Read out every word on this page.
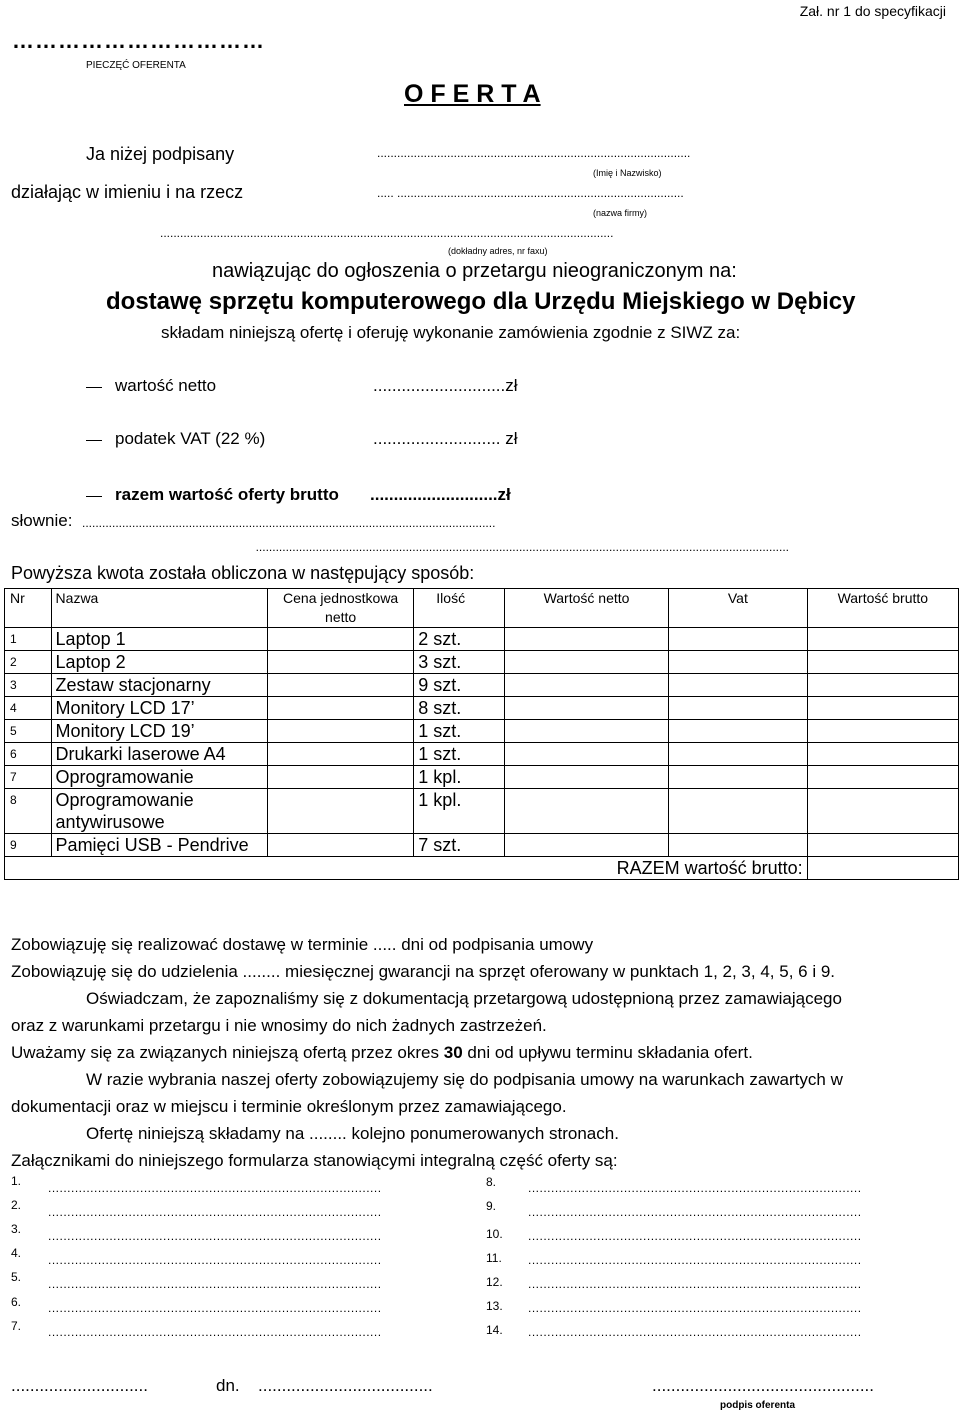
Zał. nr 1 do specyfikacji
……………………………
PIECZĘĆ OFERENTA
O F E R T A
Ja niżej podpisany	..............................................................................................
(Imię i Nazwisko)
działając w imieniu i na rzecz	..... ......................................................................................
(nazwa firmy)
........................................................................................................................................
(dokładny adres, nr faxu)
nawiązując do ogłoszenia o przetargu nieograniczonym na:
dostawę sprzętu komputerowego dla Urzędu Miejskiego w Dębicy
składam niniejszą ofertę i oferuję wykonanie zamówienia zgodnie z SIWZ za:
wartość netto	............................zł
podatek VAT (22 %)	........................... zł
razem wartość oferty brutto ...........................zł
słownie: ............................................................................................................................
................................................................................................................................................................
Powyższa kwota została obliczona w następujący sposób:
Nr	Nazwa	Cena jednostkowa netto	Ilość	Wartość netto	Vat	Wartość brutto
1	Laptop 1		2 szt.			
2	Laptop 2		3 szt.			
3	Zestaw stacjonarny		9 szt.			
4	Monitory LCD 17’		8 szt.			
5	Monitory LCD 19’		1 szt.			
6	Drukarki laserowe A4		1 szt.			
7	Oprogramowanie		1 kpl.			
8	Oprogramowanie antywirusowe		1 kpl.			
9	Pamięci USB - Pendrive		7 szt.			
RAZEM wartość brutto:						
Zobowiązuję się realizować dostawę w terminie ..... dni od podpisania umowy
Zobowiązuję się do udzielenia ........ miesięcznej gwarancji na sprzęt oferowany w punktach 1, 2, 3, 4, 5, 6 i 9.
Oświadczam, że zapoznaliśmy się z dokumentacją przetargową udostępnioną przez zamawiającego
oraz z warunkami przetargu i nie wnosimy do nich żadnych zastrzeżeń.
Uważamy się za związanych niniejszą ofertą przez okres 30 dni od upływu terminu składania ofert.
W razie wybrania naszej oferty zobowiązujemy się do podpisania umowy na warunkach zawartych w
dokumentacji oraz w miejscu i terminie określonym przez zamawiającego.
Ofertę niniejszą składamy na ........ kolejno ponumerowanych stronach.
Załącznikami do niniejszego formularza stanowiącymi integralną część oferty są:
1. .......................................................................................
2. .......................................................................................
3. .......................................................................................
4. .......................................................................................
5. .......................................................................................
6. .......................................................................................
7. .......................................................................................
8.	.......................................................................................
9.	.......................................................................................
10. .......................................................................................
11. .......................................................................................
12. .......................................................................................
13. .......................................................................................
14. .......................................................................................
.............................	dn. .....................................	...............................................
podpis oferenta
